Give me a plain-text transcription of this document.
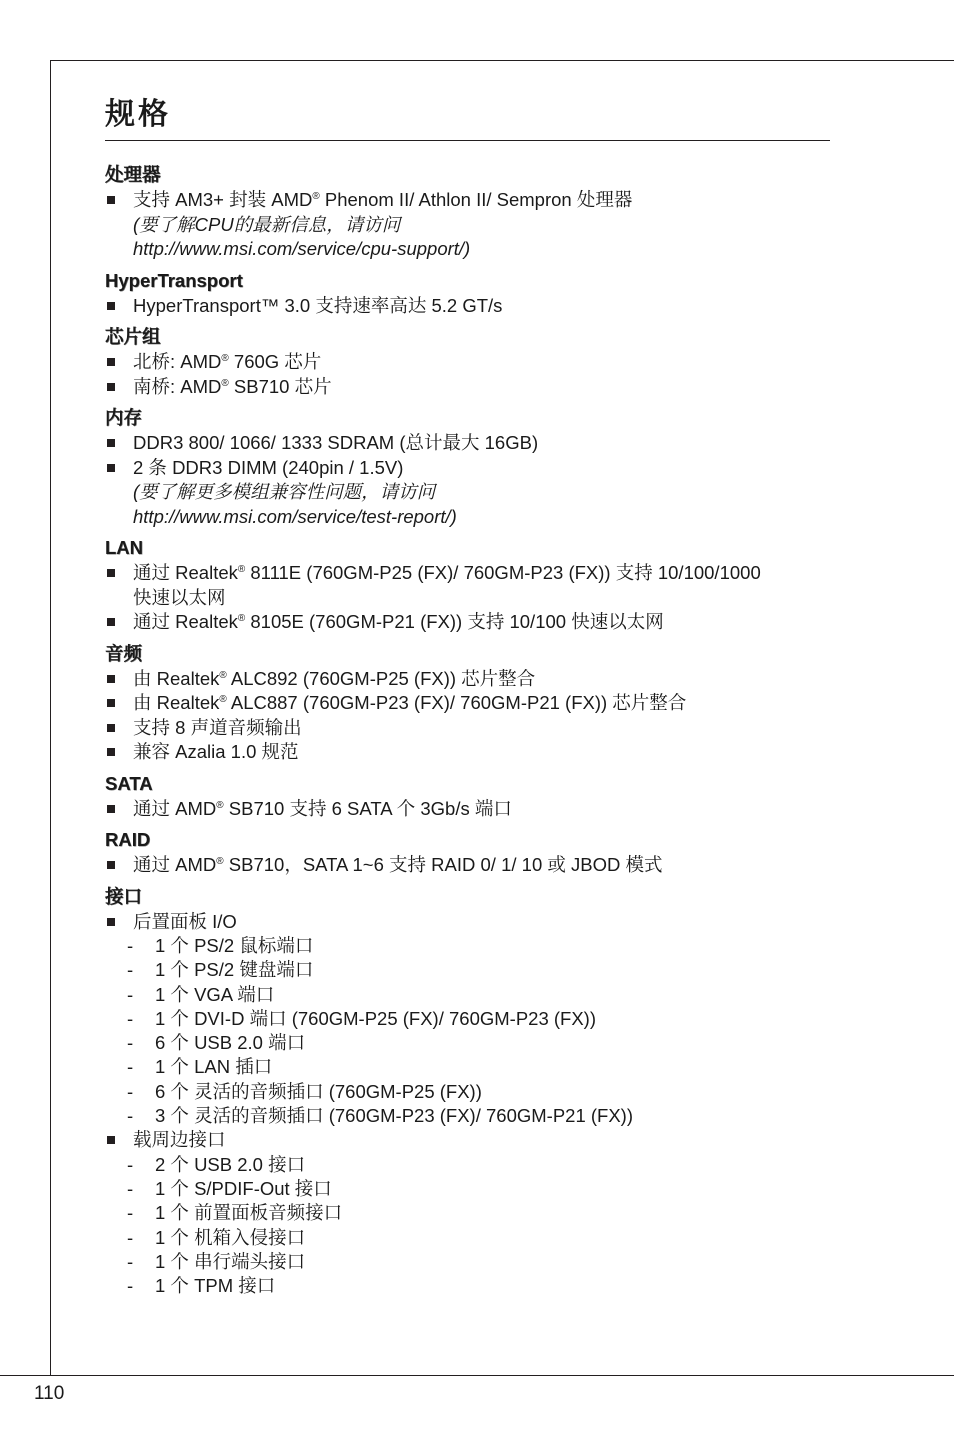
规格
处理器
支持 AM3+ 封装 AMD® Phenom II/ Athlon II/ Sempron 处理器
(要了解CPU的最新信息，请访问
http://www.msi.com/service/cpu-support/)
HyperTransport
HyperTransport™ 3.0 支持速率高达 5.2 GT/s
芯片组
北桥: AMD® 760G 芯片
南桥: AMD® SB710 芯片
内存
DDR3 800/ 1066/ 1333 SDRAM (总计最大 16GB)
2 条 DDR3 DIMM (240pin / 1.5V)
(要了解更多模组兼容性问题，请访问
http://www.msi.com/service/test-report/)
LAN
通过 Realtek® 8111E (760GM-P25 (FX)/ 760GM-P23 (FX)) 支持 10/100/1000
快速以太网
通过 Realtek® 8105E (760GM-P21 (FX)) 支持 10/100 快速以太网
音频
由 Realtek® ALC892 (760GM-P25 (FX)) 芯片整合
由 Realtek® ALC887 (760GM-P23 (FX)/ 760GM-P21 (FX)) 芯片整合
支持 8 声道音频输出
兼容 Azalia 1.0 规范
SATA
通过 AMD® SB710 支持 6 SATA 个 3Gb/s 端口
RAID
通过 AMD® SB710，SATA 1~6 支持 RAID 0/ 1/ 10 或 JBOD 模式
接口
后置面板 I/O
- 1 个 PS/2 鼠标端口
- 1 个 PS/2 键盘端口
- 1 个 VGA 端口
- 1 个 DVI-D 端口 (760GM-P25 (FX)/ 760GM-P23 (FX))
- 6 个 USB 2.0 端口
- 1 个 LAN 插口
- 6 个 灵活的音频插口 (760GM-P25 (FX))
- 3 个 灵活的音频插口 (760GM-P23 (FX)/ 760GM-P21 (FX))
载周边接口
- 2 个 USB 2.0 接口
- 1 个 S/PDIF-Out 接口
- 1 个 前置面板音频接口
- 1 个 机箱入侵接口
- 1 个 串行端头接口
- 1 个 TPM 接口
110
